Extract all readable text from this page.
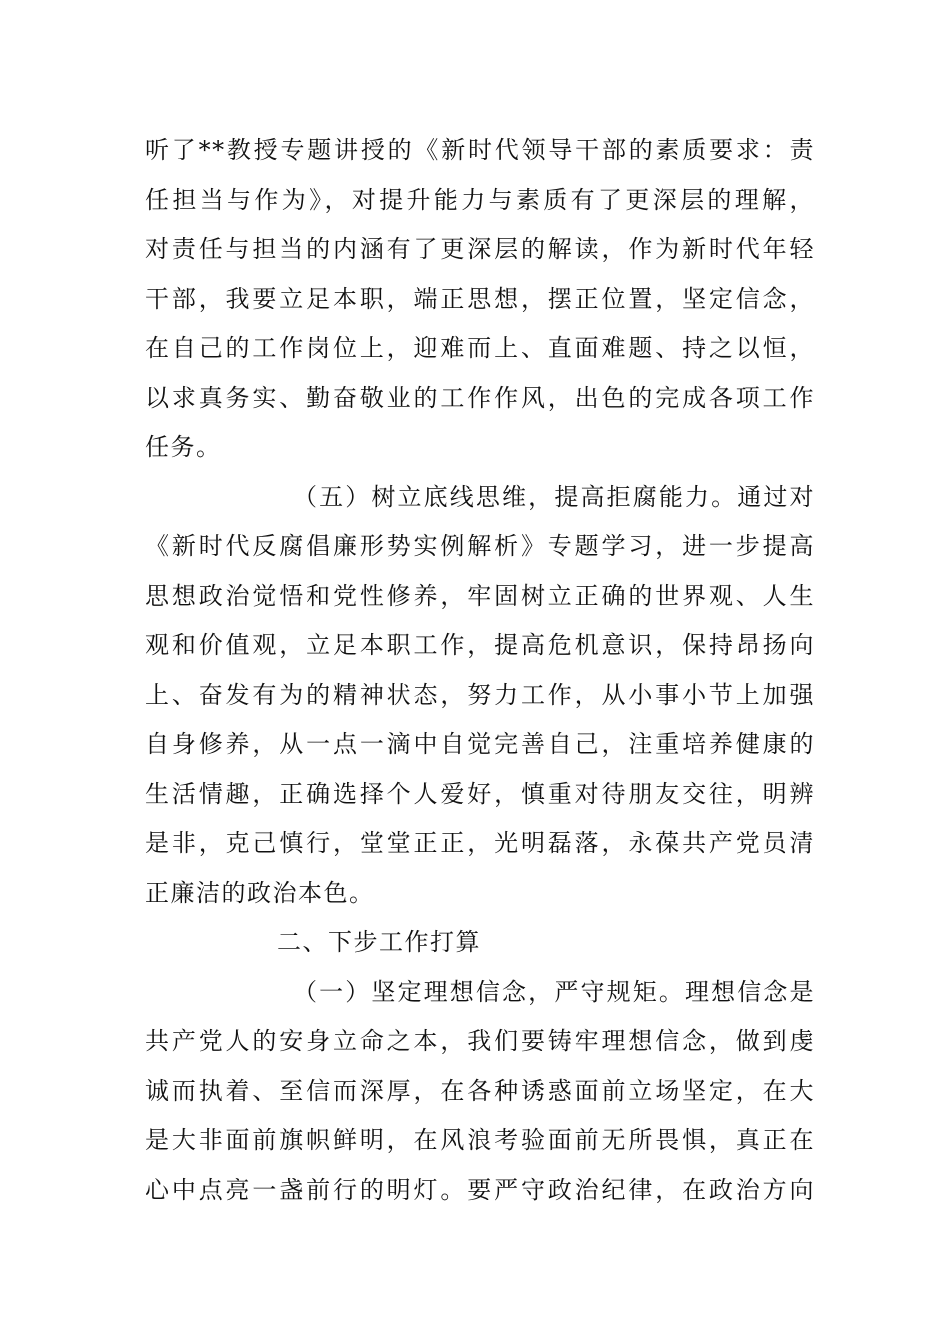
听了**教授专题讲授的《新时代领导干部的素质要求：责
任担当与作为》，对提升能力与素质有了更深层的理解，
对责任与担当的内涵有了更深层的解读，作为新时代年轻
干部，我要立足本职，端正思想，摆正位置，坚定信念，
在自己的工作岗位上，迎难而上、直面难题、持之以恒，
以求真务实、勤奋敬业的工作作风，出色的完成各项工作
任务。
（五）树立底线思维，提高拒腐能力。通过对
《新时代反腐倡廉形势实例解析》专题学习，进一步提高
思想政治觉悟和党性修养，牢固树立正确的世界观、人生
观和价值观，立足本职工作，提高危机意识，保持昂扬向
上、奋发有为的精神状态，努力工作，从小事小节上加强
自身修养，从一点一滴中自觉完善自己，注重培养健康的
生活情趣，正确选择个人爱好，慎重对待朋友交往，明辨
是非，克己慎行，堂堂正正，光明磊落，永葆共产党员清
正廉洁的政治本色。
二、下步工作打算
（一）坚定理想信念，严守规矩。理想信念是
共产党人的安身立命之本，我们要铸牢理想信念，做到虔
诚而执着、至信而深厚，在各种诱惑面前立场坚定，在大
是大非面前旗帜鲜明，在风浪考验面前无所畏惧，真正在
心中点亮一盏前行的明灯。要严守政治纪律，在政治方向
